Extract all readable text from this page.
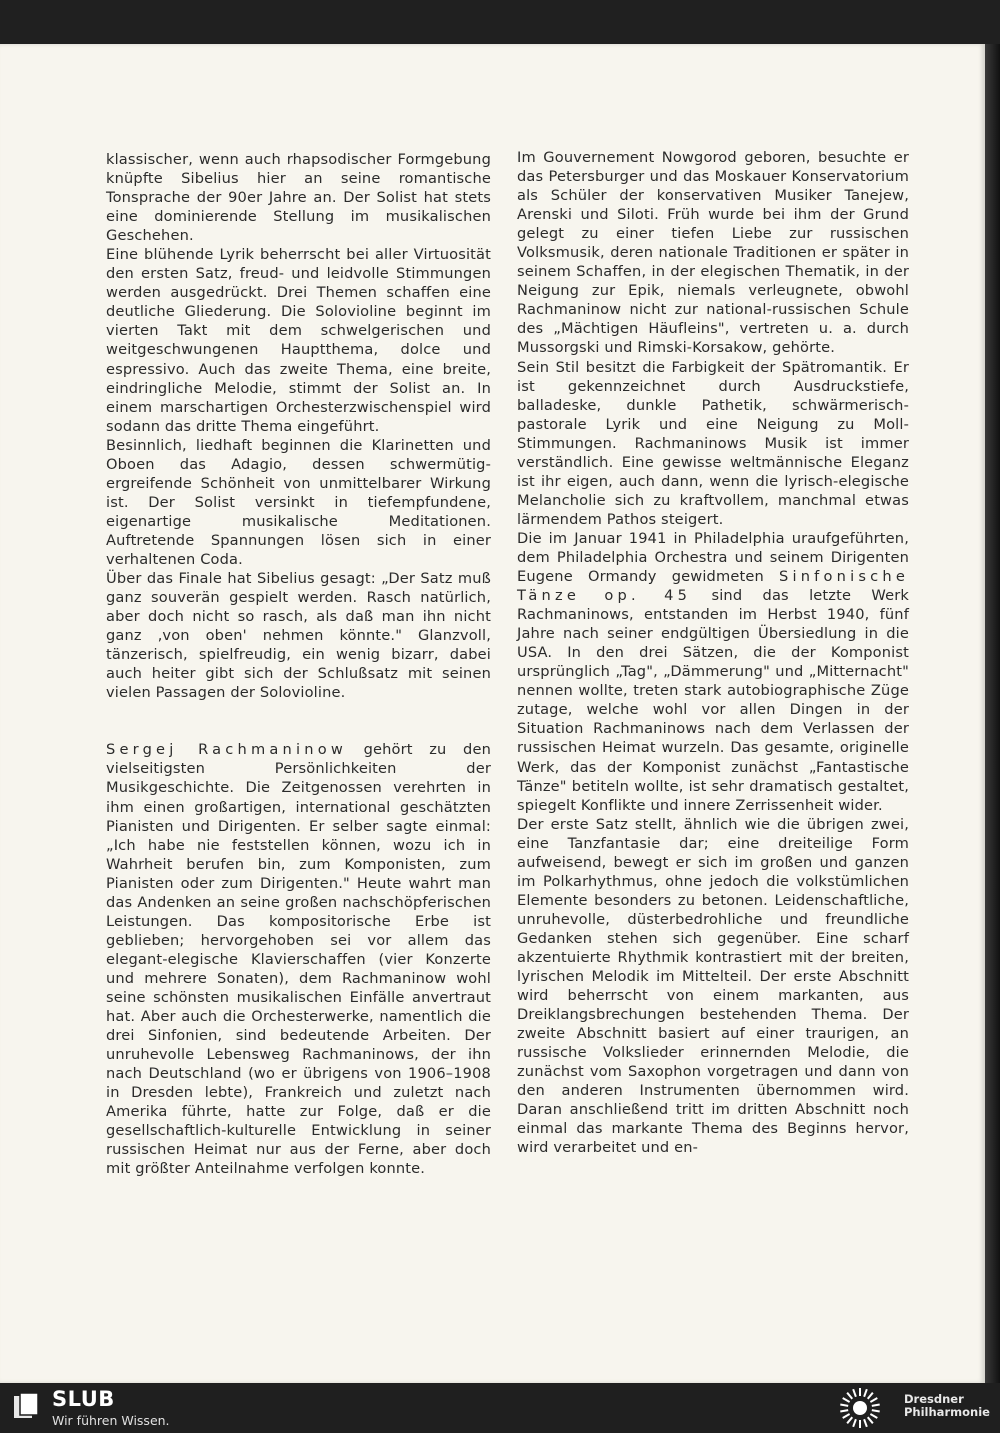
klassischer, wenn auch rhapsodischer Formgebung knüpfte Sibelius hier an seine romantische Tonsprache der 90er Jahre an. Der Solist hat stets eine dominierende Stellung im musikalischen Geschehen.

Eine blühende Lyrik beherrscht bei aller Virtuosität den ersten Satz, freud- und leidvolle Stimmungen werden ausgedrückt. Drei Themen schaffen eine deutliche Gliederung. Die Soloviolinе beginnt im vierten Takt mit dem schwelgerischen und weitgeschwungenen Hauptthema, dolce und espressivo. Auch das zweite Thema, eine breite, eindringliche Melodie, stimmt der Solist an. In einem marschartigen Orchesterzwischenspiel wird sodann das dritte Thema eingeführt.

Besinnlich, liedhaft beginnen die Klarinetten und Oboen das Adagio, dessen schwermütig-ergreifende Schönheit von unmittelbarer Wirkung ist. Der Solist versinkt in tiefempfundene, eigenartige musikalische Meditationen. Auftretende Spannungen lösen sich in einer verhaltenen Coda.

Über das Finale hat Sibelius gesagt: „Der Satz muß ganz souverän gespielt werden. Rasch natürlich, aber doch nicht so rasch, als daß man ihn nicht ganz ‚von oben' nehmen könnte." Glanzvoll, tänzerisch, spielfreudig, ein wenig bizarr, dabei auch heiter gibt sich der Schlußsatz mit seinen vielen Passagen der Solovioline.

Sergej Rachmaninow gehört zu den vielseitigsten Persönlichkeiten der Musikgeschichte. Die Zeitgenossen verehrten in ihm einen großartigen, international geschätzten Pianisten und Dirigenten. Er selber sagte einmal: „Ich habe nie feststellen können, wozu ich in Wahrheit berufen bin, zum Komponisten, zum Pianisten oder zum Dirigenten." Heute wahrt man das Andenken an seine großen nachschöpferischen Leistungen. Das kompositorische Erbe ist geblieben; hervorgehoben sei vor allem das elegant-elegische Klavierschaffen (vier Konzerte und mehrere Sonaten), dem Rachmaninow wohl seine schönsten musikalischen Einfälle anvertraut hat. Aber auch die Orchesterwerke, namentlich die drei Sinfonien, sind bedeutende Arbeiten. Der unruhevolle Lebensweg Rachmaninows, der ihn nach Deutschland (wo er übrigens von 1906–1908 in Dresden lebte), Frankreich und zuletzt nach Amerika führte, hatte zur Folge, daß er die gesellschaftlich-kulturelle Entwicklung in seiner russischen Heimat nur aus der Ferne, aber doch mit größter Anteilnahme verfolgen konnte.

Im Gouvernement Nowgorod geboren, besuchte er das Petersburger und das Moskauer Konservatorium als Schüler der konservativen Musiker Tanejew, Arenski und Siloti. Früh wurde bei ihm der Grund gelegt zu einer tiefen Liebe zur russischen Volksmusik, deren nationale Traditionen er später in seinem Schaffen, in der elegischen Thematik, in der Neigung zur Epik, niemals verleugnete, obwohl Rachmaninow nicht zur national-russischen Schule des „Mächtigen Häufleins", vertreten u. a. durch Mussorgski und Rimski-Korsakow, gehörte.

Sein Stil besitzt die Farbigkeit der Spätromantik. Er ist gekennzeichnet durch Ausdruckstiefe, balladeske, dunkle Pathetik, schwärmerisch-pastorale Lyrik und eine Neigung zu Moll-Stimmungen. Rachmaninows Musik ist immer verständlich. Eine gewisse weltmännische Eleganz ist ihr eigen, auch dann, wenn die lyrisch-elegische Melancholie sich zu kraftvollem, manchmal etwas lärmendem Pathos steigert.

Die im Januar 1941 in Philadelphia uraufgeführten, dem Philadelphia Orchestra und seinem Dirigenten Eugene Ormandy gewidmeten Sinfonische Tänze op. 45 sind das letzte Werk Rachmaninows, entstanden im Herbst 1940, fünf Jahre nach seiner endgültigen Übersiedlung in die USA. In den drei Sätzen, die der Komponist ursprünglich „Tag", „Dämmerung" und „Mitternacht" nennen wollte, treten stark autobiographische Züge zutage, welche wohl vor allen Dingen in der Situation Rachmaninows nach dem Verlassen der russischen Heimat wurzeln. Das gesamte, originelle Werk, das der Komponist zunächst „Fantastische Tänze" betiteln wollte, ist sehr dramatisch gestaltet, spiegelt Konflikte und innere Zerrissenheit wider.

Der erste Satz stellt, ähnlich wie die übrigen zwei, eine Tanzfantasie dar; eine dreiteilige Form aufweisend, bewegt er sich im großen und ganzen im Polkarhythmus, ohne jedoch die volkstümlichen Elemente besonders zu betonen. Leidenschaftliche, unruhevolle, düsterbedrohliche und freundliche Gedanken stehen sich gegenüber. Eine scharf akzentuierte Rhythmik kontrastiert mit der breiten, lyrischen Melodik im Mittelteil. Der erste Abschnitt wird beherrscht von einem markanten, aus Dreiklangsbrechungen bestehenden Thema. Der zweite Abschnitt basiert auf einer traurigen, an russische Volkslieder erinnernden Melodie, die zunächst vom Saxophon vorgetragen und dann von den anderen Instrumenten übernommen wird. Daran anschließend tritt im dritten Abschnitt noch einmal das markante Thema des Beginns hervor, wird verarbeitet und en-

SLUB
Wir führen Wissen.
Dresdner
Philharmonie
